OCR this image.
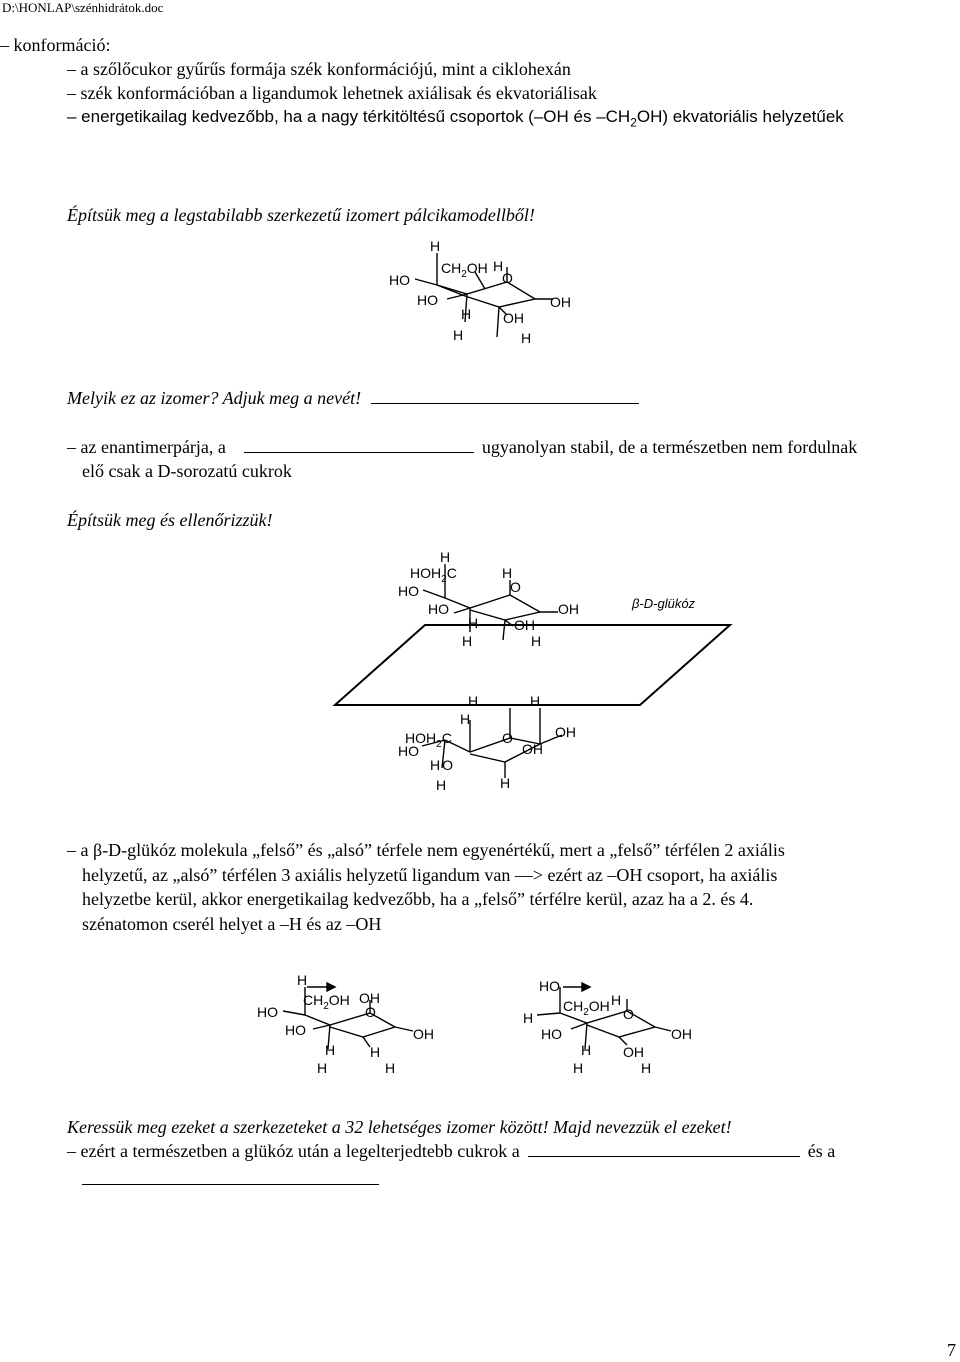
D:\HONLAP\szénhidrátok.doc
– konformáció:
– a szőlőcukor gyűrűs formája szék konformációjú, mint a ciklohexán
– szék konformációban a ligandumok lehetnek axiálisak és ekvatoriálisak
– energetikailag kedvezőbb, ha a nagy térkitöltésű csoportok (–OH és $-CH_2OH$) ekvatoriális helyzetűek
Építsük meg a legstabilabb szerkezetű izomert pálcikamodellből!
H
HO
$CH_2OH$ H
O
HO
H OH
OH
H	H
Melyik ez az izomer? Adjuk meg a nevét!
– az enantimerpárja, a	ugyanolyan stabil, de a természetben nem fordulnak
elő csak a D-sorozatú cukrok
Építsük meg és ellenőrizzük!
H
$HOH_2C$	H
HO	O
HO	OH
H	OH
H	H
β-D-glükóz
H	H
H
$HOH_2C$	O	OH
HO	OH
H O
H	H
– a β-D-glükóz molekula „felső” és „alsó” térfele nem egyenértékű, mert a „felső” térfélen 2 axiális
helyzetű, az „alsó” térfélen 3 axiális helyzetű ligandum van —> ezért az –OH csoport, ha axiális
helyzetbe kerül, akkor energetikailag kedvezőbb, ha a „felső” térfélre kerül, azaz ha a 2. és 4.
szénatomon cserél helyet a –H és az –OH
H
$CH_2OH$ OH
O
HO
HO	OH
H H
H	H
HO
$CH_2OH$ H
O
H
HO	OH
H OH
H	H
Keressük meg ezeket a szerkezeteket a 32 lehetséges izomer között! Majd nevezzük el ezeket!
– ezért a természetben a glükóz után a legelterjedtebb cukrok a	és a
7
